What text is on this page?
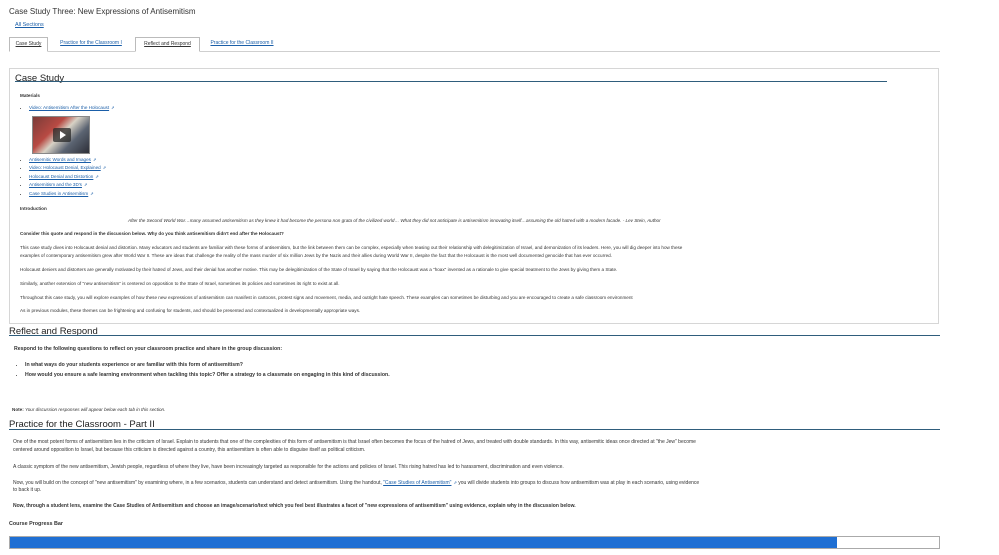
Case Study Three: New Expressions of Antisemitism
All Sections
Case Study	Practice for the Classroom I	Reflect and Respond	Practice for the Classroom II
Case Study
Materials
• Video: Antisemitism After the Holocaust ⇗
• Antisemitic Words and Images ⇗
• Video: Holocaust Denial, Explained ⇗
• Holocaust Denial and Distortion ⇗
• Antisemitism and the 3D's ⇗
• Case Studies in Antisemitism ⇗
Introduction
After the Second World War…many assumed antisemitism as they knew it had become the persona non grata of the civilized world… What they did not anticipate is antisemitism innovating itself…assuming the old hatred with a modern facade. - Lev Stein, Author
Consider this quote and respond in the discussion below. Why do you think antisemitism didn't end after the Holocaust?
This case study dives into Holocaust denial and distortion. Many educators and students are familiar with these forms of antisemitism, but the link between them can be complex, especially when teasing out their relationship with delegitimization of Israel, and demonization of its leaders. Here, you will dig deeper into how these
examples of contemporary antisemitism grew after World War II. These are ideas that challenge the reality of the mass murder of six million Jews by the Nazis and their allies during World War II, despite the fact that the Holocaust is the most well documented genocide that has ever occurred.
Holocaust deniers and distorters are generally motivated by their hatred of Jews, and their denial has another motive. This may be delegitimization of the State of Israel by saying that the Holocaust was a "hoax" invented as a rationale to give special treatment to the Jews by giving them a State.
Similarly, another extension of "new antisemitism" is centered on opposition to the State of Israel, sometimes its policies and sometimes its right to exist at all.
Throughout this case study, you will explore examples of how these new expressions of antisemitism can manifest in cartoons, protest signs and movement, media, and outright hate speech. These examples can sometimes be disturbing and you are encouraged to create a safe classroom environment
As in previous modules, these themes can be frightening and confusing for students, and should be presented and contextualized in developmentally appropriate ways.
Reflect and Respond
Respond to the following questions to reflect on your classroom practice and share in the group discussion:
• In what ways do your students experience or are familiar with this form of antisemitism?
• How would you ensure a safe learning environment when tackling this topic? Offer a strategy to a classmate on engaging in this kind of discussion.
Note: Your discussion responses will appear below each tab in this section.
Practice for the Classroom - Part II
One of the most potent forms of antisemitism lies in the criticism of Israel. Explain to students that one of the complexities of this form of antisemitism is that Israel often becomes the focus of the hatred of Jews, and treated with double standards. In this way, antisemitic ideas once directed at "the Jew" become
centered around opposition to Israel, but because this criticism is directed against a country, this antisemitism is often able to disguise itself as political criticism.
A classic symptom of the new antisemitism, Jewish people, regardless of where they live, have been increasingly targeted as responsible for the actions and policies of Israel. This rising hatred has led to harassment, discrimination and even violence.
Now, you will build on the concept of "new antisemitism" by examining where, in a few scenarios, students can understand and detect antisemitism. Using the handout, "Case Studies of Antisemitism" ⇗ you will divide students into groups to discuss how antisemitism was at play in each scenario, using evidence
to back it up.
Now, through a student lens, examine the Case Studies of Antisemitism and choose an image/scenario/text which you feel best illustrates a facet of "new expressions of antisemitism" using evidence, explain why in the discussion below.
Course Progress Bar
